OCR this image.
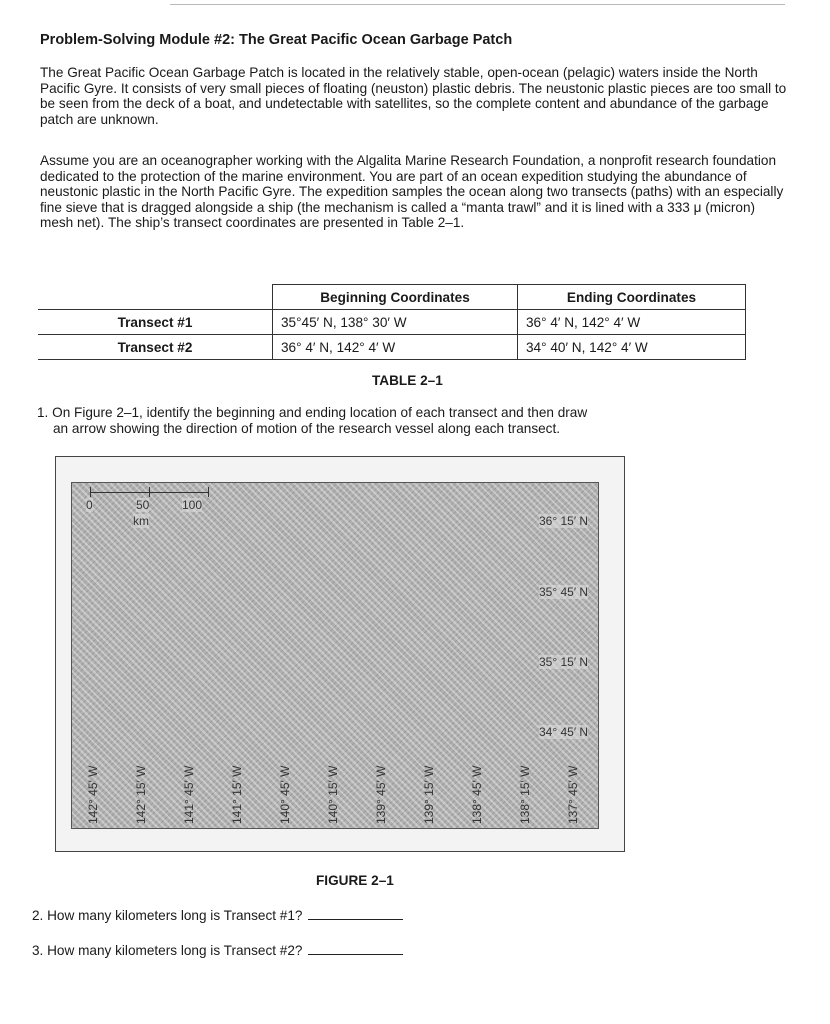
Problem-Solving Module #2: The Great Pacific Ocean Garbage Patch

The Great Pacific Ocean Garbage Patch is located in the relatively stable, open-ocean (pelagic) waters inside the North Pacific Gyre. It consists of very small pieces of floating (neuston) plastic debris. The neustonic plastic pieces are too small to be seen from the deck of a boat, and undetectable with satellites, so the complete content and abundance of the garbage patch are unknown.

Assume you are an oceanographer working with the Algalita Marine Research Foundation, a nonprofit research foundation dedicated to the protection of the marine environment. You are part of an ocean expedition studying the abundance of neustonic plastic in the North Pacific Gyre. The expedition samples the ocean along two transects (paths) with an especially fine sieve that is dragged alongside a ship (the mechanism is called a “manta trawl” and it is lined with a 333 μ (micron) mesh net). The ship’s transect coordinates are presented in Table 2–1.

	Beginning Coordinates	Ending Coordinates
Transect #1	35°45′ N, 138° 30′ W	36° 4′ N, 142° 4′ W
Transect #2	36° 4′ N, 142° 4′ W	34° 40′ N, 142° 4′ W
TABLE 2–1
1. On Figure 2–1, identify the beginning and ending location of each transect and then draw
an arrow showing the direction of motion of the research vessel along each transect.
0	50	100
km	36° 15′ N
35° 45′ N
35° 15′ N
34° 45′ N
142° 45′ W	142° 15′ W	141° 45′ W	141° 15′ W	140° 45′ W	140° 15′ W	139° 45′ W	139° 15′ W	138° 45′ W	138° 15′ W	137° 45′ W
FIGURE 2–1
2. How many kilometers long is Transect #1?
3. How many kilometers long is Transect #2?
